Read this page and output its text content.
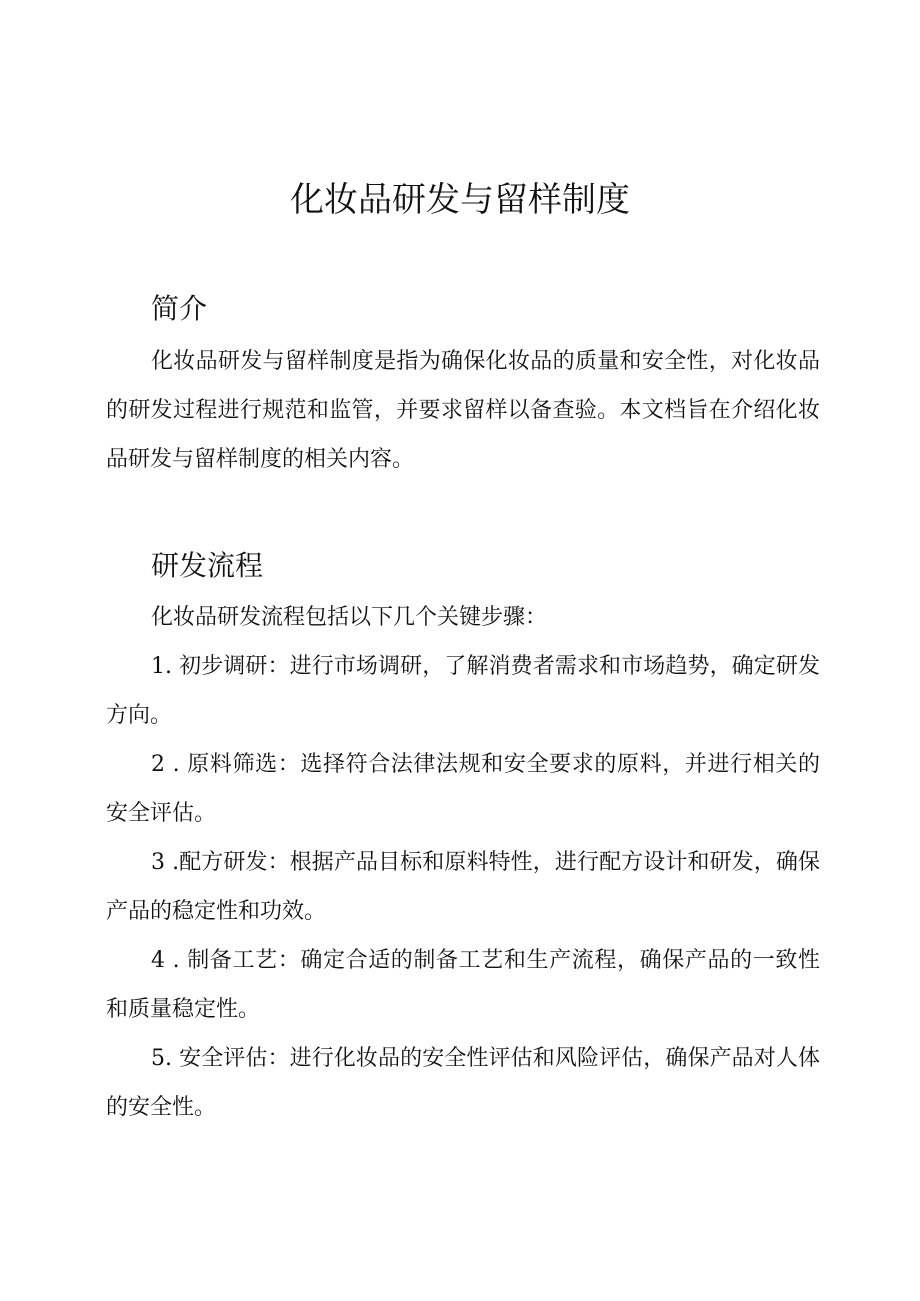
化妆品研发与留样制度
简介

化妆品研发与留样制度是指为确保化妆品的质量和安全性，对化妆品的研发过程进行规范和监管，并要求留样以备查验。本文档旨在介绍化妆品研发与留样制度的相关内容。

研发流程

化妆品研发流程包括以下几个关键步骤：

1. 初步调研：进行市场调研，了解消费者需求和市场趋势，确定研发方向。

2 . 原料筛选：选择符合法律法规和安全要求的原料，并进行相关的安全评估。

3 .配方研发：根据产品目标和原料特性，进行配方设计和研发，确保产品的稳定性和功效。

4 . 制备工艺：确定合适的制备工艺和生产流程，确保产品的一致性和质量稳定性。

5. 安全评估：进行化妆品的安全性评估和风险评估，确保产品对人体的安全性。
